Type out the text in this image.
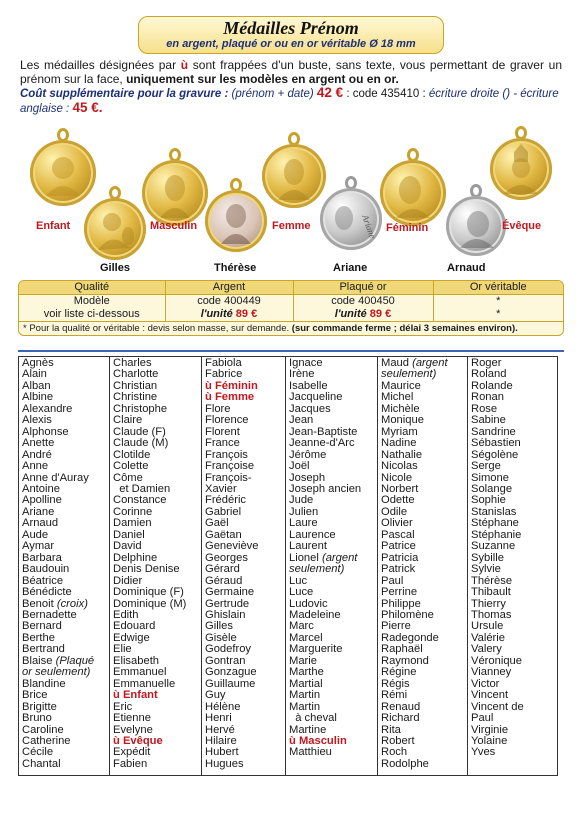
Médailles Prénom
en argent, plaqué or ou en or véritable Ø 18 mm
Les médailles désignées par ù sont frappées d'un buste, sans texte, vous permettant de graver un prénom sur la face, uniquement sur les modèles en argent ou en or.
Coût supplémentaire pour la gravure : (prénom + date) 42 € : code 435410 : écriture droite () - écriture anglaise : 45 €.
Ariane
Enfant
Gilles
Masculin
Thérèse
Femme
Ariane
Féminin
Arnaud
Évêque
Qualité	Argent	Plaqué or	Or véritable
Modèle	code 400449	code 400450	*
voir liste ci-dessous	l'unité 89 €	l'unité 89 €	*
* Pour la qualité or véritable : devis selon masse, sur demande. (sur commande ferme ; délai 3 semaines environ).
Agnès
Alain
Alban
Albine
Alexandre
Alexis
Alphonse
Anette
André
Anne
Anne d'Auray
Antoine
Apolline
Ariane
Arnaud
Aude
Aymar
Barbara
Baudouin
Béatrice
Bénédicte
Benoit (croix)
Bernadette
Bernard
Berthe
Bertrand
Blaise (Plaqué
or seulement)
Blandine
Brice
Brigitte
Bruno
Caroline
Catherine
Cécile
Chantal
Charles
Charlotte
Christian
Christine
Christophe
Claire
Claude (F)
Claude (M)
Clotilde
Colette
Côme
et Damien
Constance
Corinne
Damien
Daniel
David
Delphine
Denis Denise
Didier
Dominique (F)
Dominique (M)
Edith
Edouard
Edwige
Elie
Elisabeth
Emmanuel
Emmanuelle
ù Enfant
Eric
Etienne
Evelyne
ù Evêque
Expédit
Fabien
Fabiola
Fabrice
ù Féminin
ù Femme
Flore
Florence
Florent
France
François
Françoise
François-
Xavier
Frédéric
Gabriel
Gaël
Gaëtan
Geneviève
Georges
Gérard
Géraud
Germaine
Gertrude
Ghislain
Gilles
Gisèle
Godefroy
Gontran
Gonzague
Guillaume
Guy
Hélène
Henri
Hervé
Hilaire
Hubert
Hugues
Ignace
Irène
Isabelle
Jacqueline
Jacques
Jean
Jean-Baptiste
Jeanne-d'Arc
Jérôme
Joël
Joseph
Joseph ancien
Jude
Julien
Laure
Laurence
Laurent
Lionel (argent
seulement)
Luc
Luce
Ludovic
Madeleine
Marc
Marcel
Marguerite
Marie
Marthe
Martial
Martin
Martin
à cheval
Martine
ù Masculin
Matthieu
Maud (argent
seulement)
Maurice
Michel
Michèle
Monique
Myriam
Nadine
Nathalie
Nicolas
Nicole
Norbert
Odette
Odile
Olivier
Pascal
Patrice
Patricia
Patrick
Paul
Perrine
Philippe
Philomène
Pierre
Radegonde
Raphaël
Raymond
Régine
Régis
Rémi
Renaud
Richard
Rita
Robert
Roch
Rodolphe
Roger
Roland
Rolande
Ronan
Rose
Sabine
Sandrine
Sébastien
Ségolène
Serge
Simone
Solange
Sophie
Stanislas
Stéphane
Stéphanie
Suzanne
Sybille
Sylvie
Thérèse
Thibault
Thierry
Thomas
Ursule
Valérie
Valery
Véronique
Vianney
Victor
Vincent
Vincent de
Paul
Virginie
Yolaine
Yves
